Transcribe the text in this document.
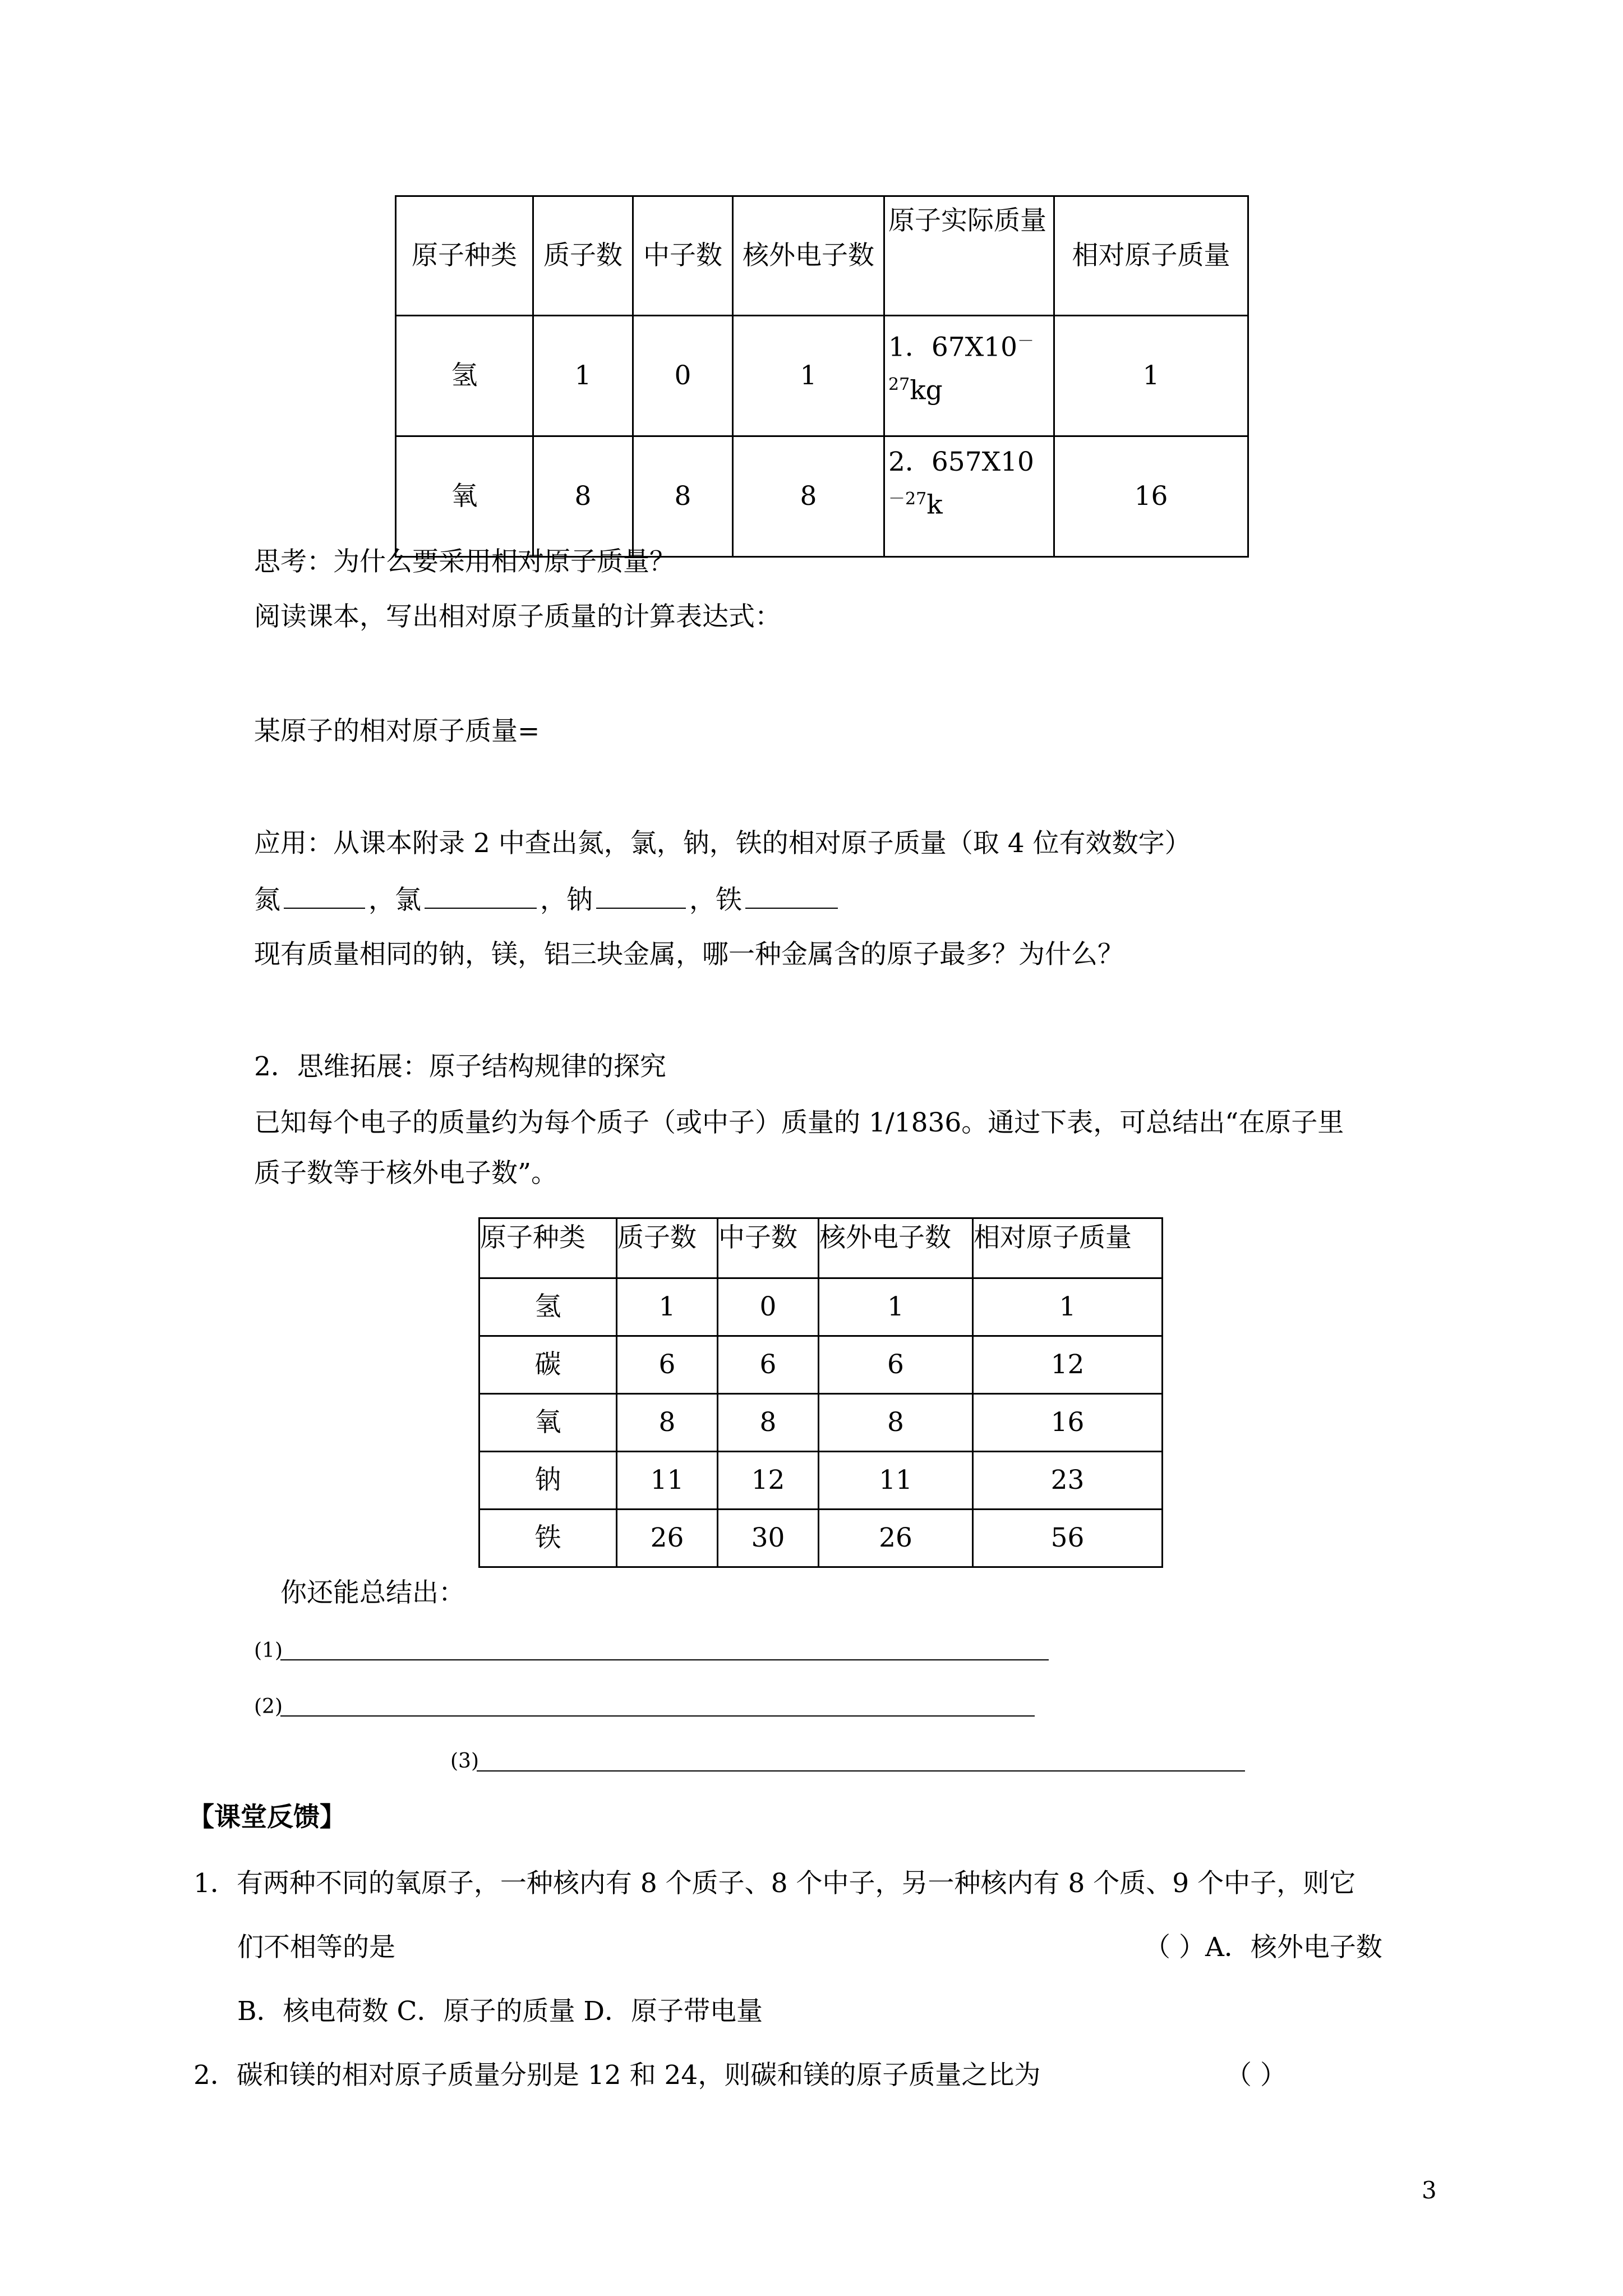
原子种类	质子数	中子数	核外电子数	原子实际质量	相对原子质量
氢	1	0	1	1．$67X10^{-27}kg$	1
氧	8	8	8	2．$657X10^{-27}k$	16
思考：为什么要采用相对原子质量？
阅读课本，写出相对原子质量的计算表达式：
某原子的相对原子质量=
应用：从课本附录 2 中查出氮，氯，钠，铁的相对原子质量（取 4 位有效数字）
氮	，氯	，钠	，铁
现有质量相同的钠，镁，铝三块金属，哪一种金属含的原子最多？为什么？
2．思维拓展：原子结构规律的探究
已知每个电子的质量约为每个质子（或中子）质量的 1/1836。通过下表，可总结出“在原子里
质子数等于核外电子数”。
原子种类	质子数	中子数	核外电子数	相对原子质量
氢	1	0	1	1
碳	6	6	6	12
氧	8	8	8	16
钠	11	12	11	23
铁	26	30	26	56
你还能总结出：
(1)
(2)
(3)
【课堂反馈】
1．有两种不同的氧原子，一种核内有 8 个质子、8 个中子，另一种核内有 8 个质、9 个中子，则它
们不相等的是	（ ）A．核外电子数
B．核电荷数 C．原子的质量 D．原子带电量
2．碳和镁的相对原子质量分别是 12 和 24，则碳和镁的原子质量之比为	（ ）
3
